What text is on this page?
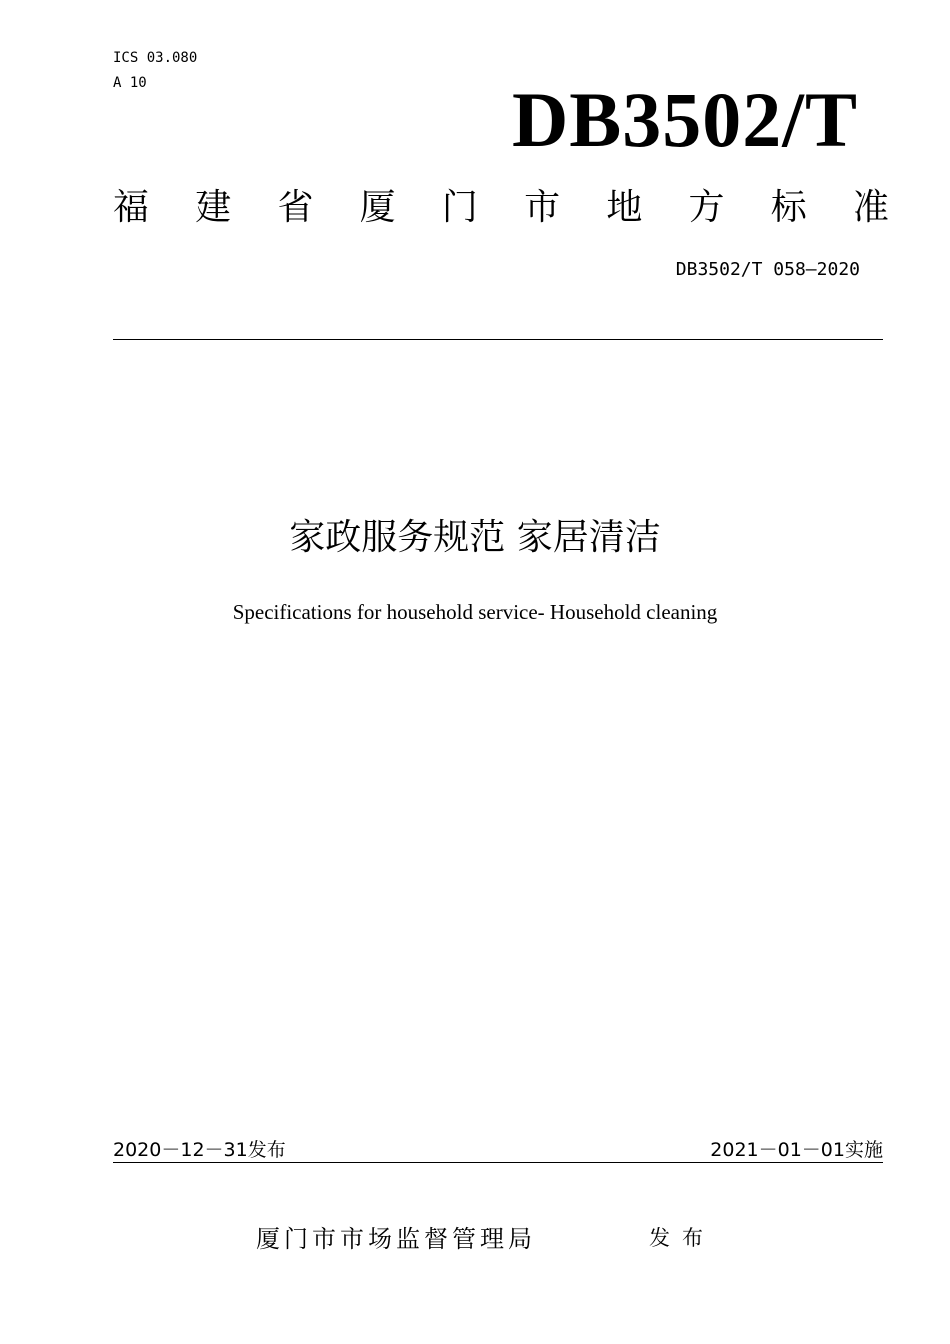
ICS 03.080
A 10	DB3502/T
福 建 省 厦 门 市 地 方 标 准
DB3502/T 058—2020
家政服务规范 家居清洁
Specifications for household service- Household cleaning
2020－12－31发布	2021－01－01实施
厦门市市场监督管理局	发布
